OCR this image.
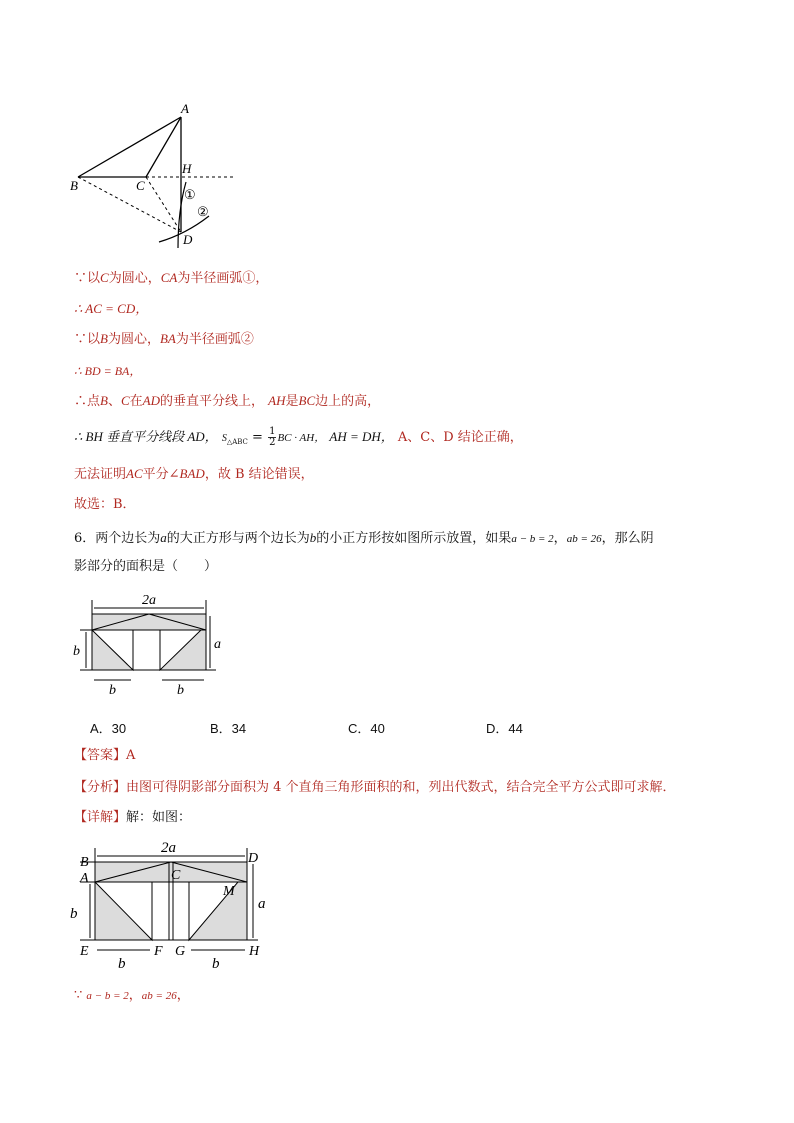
A
B	C
H
D
①
②
∵以C为圆心，CA为半径画弧①，
∴ AC = CD，
∵以B为圆心，BA为半径画弧②
∴ BD = BA，
∴点B、C在AD的垂直平分线上， AH是BC边上的高，
∴ BH 垂直平分线段 AD， $S_{\triangle ABC} = \frac{1}{2}$ BC · AH， AH = DH， A、C、D 结论正确，
无法证明AC平分∠BAD，故 B 结论错误，
故选：B．
6．两个边长为a的大正方形与两个边长为b的小正方形按如图所示放置，如果a − b = 2，ab = 26，那么阴
影部分的面积是（　　）
2a
b	a
b	b
A．30	B．34	C．40	D．44
【答案】A
【分析】由图可得阴影部分面积为 4 个直角三角形面积的和，列出代数式，结合完全平方公式即可求解．
【详解】解：如图：
B	D
A	C
M
E	F G	H
2a
b
a
b	b
∵ a − b = 2，ab = 26，
